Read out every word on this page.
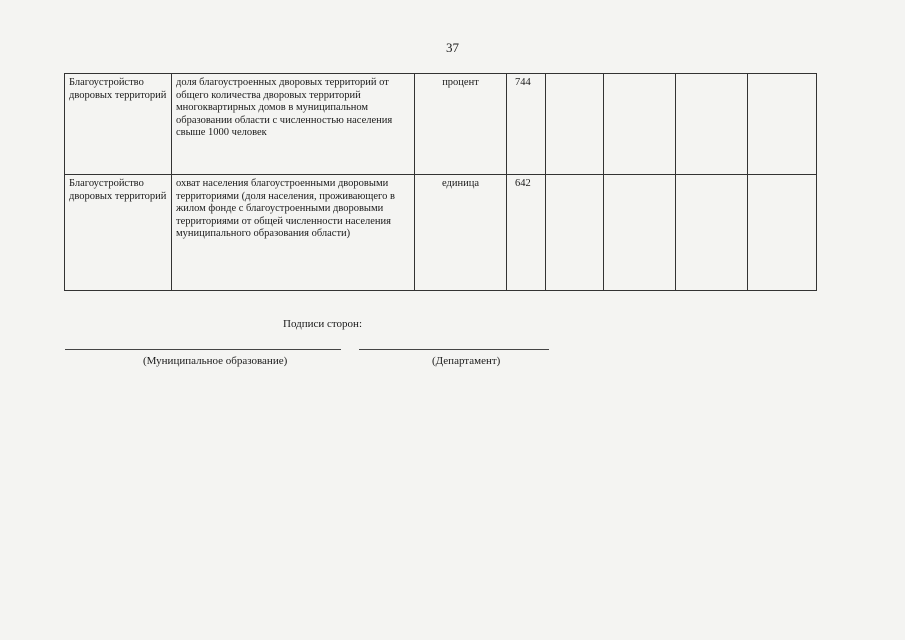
37
Благоустройство дворовых территорий	доля благоустроенных дворовых территорий от общего количества дворовых территорий многоквартирных домов в муниципальном образовании области с численностью населения свыше 1000 человек	процент	744				
Благоустройство дворовых территорий	охват населения благоустроенными дворовыми территориями (доля населения, проживающего в жилом фонде с благоустроенными дворовыми территориями от общей численности населения муниципального образования области)	единица	642				
Подписи сторон:
(Муниципальное образование)	(Департамент)
